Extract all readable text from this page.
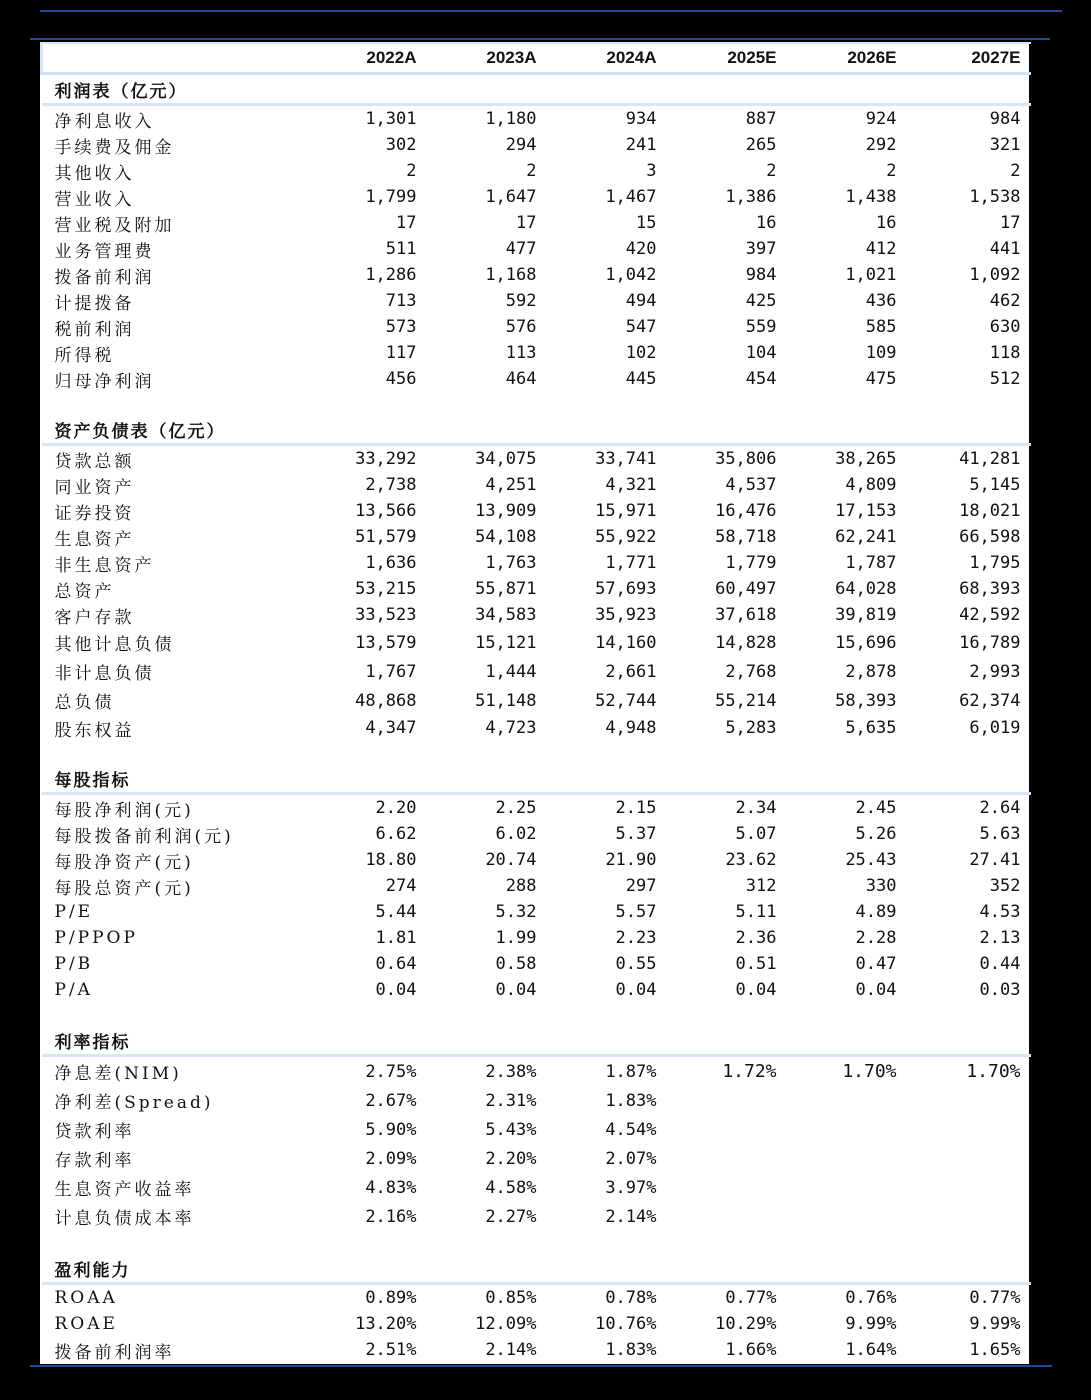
	2022A	2023A	2024A	2025E	2026E	2027E
利润表（亿元）						
净利息收入	1,301	1,180	934	887	924	984
手续费及佣金	302	294	241	265	292	321
其他收入	2	2	3	2	2	2
营业收入	1,799	1,647	1,467	1,386	1,438	1,538
营业税及附加	17	17	15	16	16	17
业务管理费	511	477	420	397	412	441
拨备前利润	1,286	1,168	1,042	984	1,021	1,092
计提拨备	713	592	494	425	436	462
税前利润	573	576	547	559	585	630
所得税	117	113	102	104	109	118
归母净利润	456	464	445	454	475	512

资产负债表（亿元）						
贷款总额	33,292	34,075	33,741	35,806	38,265	41,281
同业资产	2,738	4,251	4,321	4,537	4,809	5,145
证券投资	13,566	13,909	15,971	16,476	17,153	18,021
生息资产	51,579	54,108	55,922	58,718	62,241	66,598
非生息资产	1,636	1,763	1,771	1,779	1,787	1,795
总资产	53,215	55,871	57,693	60,497	64,028	68,393
客户存款	33,523	34,583	35,923	37,618	39,819	42,592
其他计息负债	13,579	15,121	14,160	14,828	15,696	16,789
非计息负债	1,767	1,444	2,661	2,768	2,878	2,993
总负债	48,868	51,148	52,744	55,214	58,393	62,374
股东权益	4,347	4,723	4,948	5,283	5,635	6,019

每股指标						
每股净利润(元)	2.20	2.25	2.15	2.34	2.45	2.64
每股拨备前利润(元)	6.62	6.02	5.37	5.07	5.26	5.63
每股净资产(元)	18.80	20.74	21.90	23.62	25.43	27.41
每股总资产(元)	274	288	297	312	330	352
P/E	5.44	5.32	5.57	5.11	4.89	4.53
P/PPOP	1.81	1.99	2.23	2.36	2.28	2.13
P/B	0.64	0.58	0.55	0.51	0.47	0.44
P/A	0.04	0.04	0.04	0.04	0.04	0.03

利率指标						
净息差(NIM)	2.75%	2.38%	1.87%	1.72%	1.70%	1.70%
净利差(Spread)	2.67%	2.31%	1.83%			
贷款利率	5.90%	5.43%	4.54%			
存款利率	2.09%	2.20%	2.07%			
生息资产收益率	4.83%	4.58%	3.97%			
计息负债成本率	2.16%	2.27%	2.14%			

盈利能力						
ROAA	0.89%	0.85%	0.78%	0.77%	0.76%	0.77%
ROAE	13.20%	12.09%	10.76%	10.29%	9.99%	9.99%
拨备前利润率	2.51%	2.14%	1.83%	1.66%	1.64%	1.65%
